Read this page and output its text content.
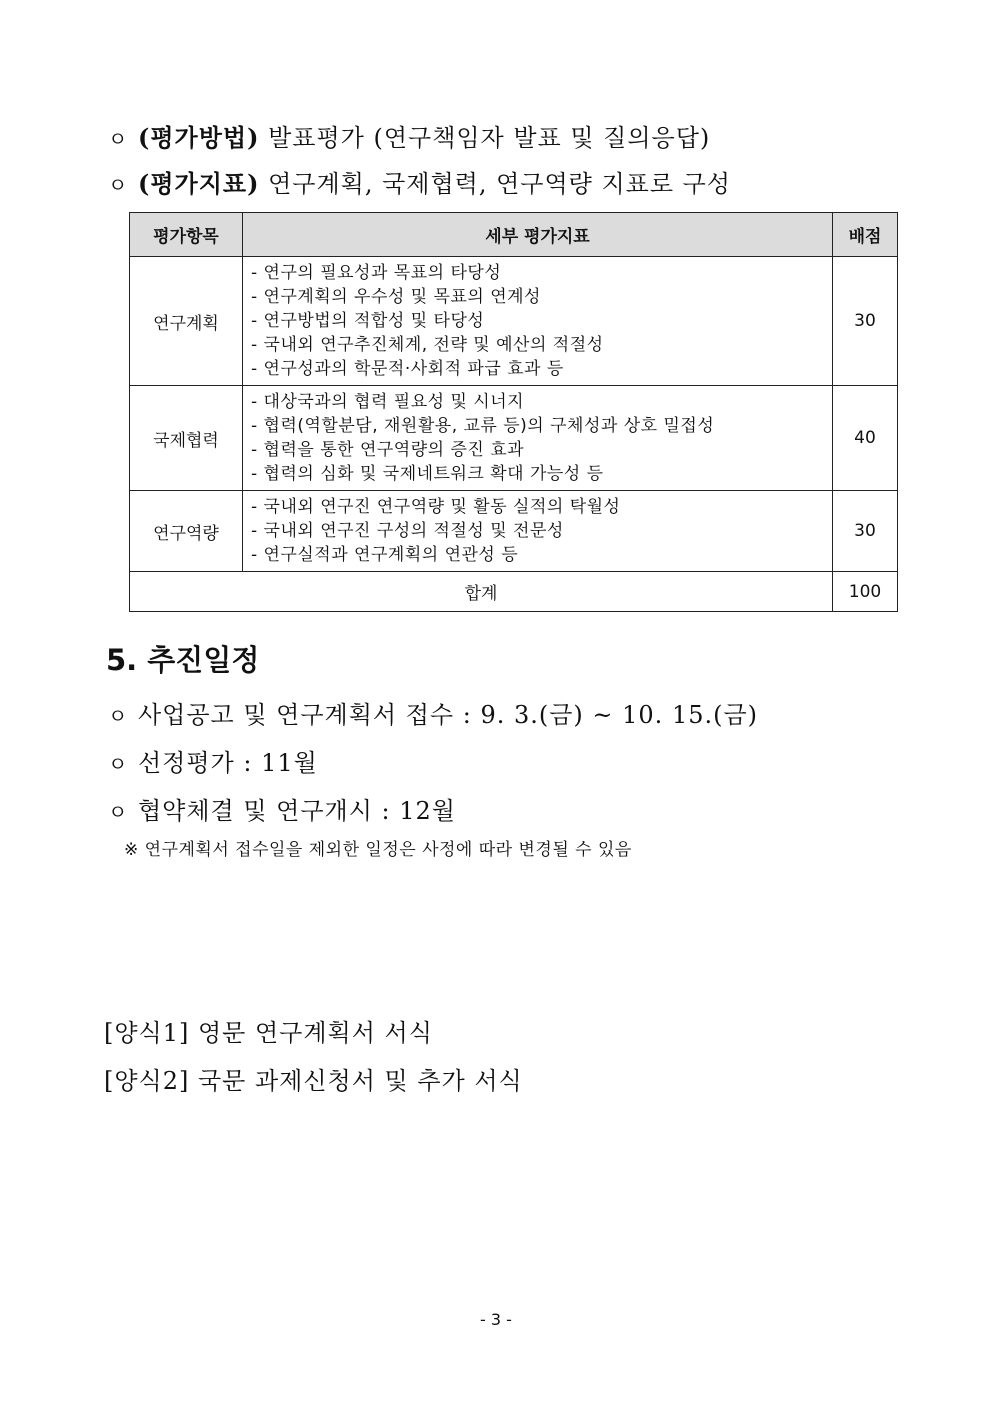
ㅇ (평가방법) 발표평가 (연구책임자 발표 및 질의응답)
ㅇ (평가지표) 연구계획, 국제협력, 연구역량 지표로 구성
평가항목	세부 평가지표	배점
연구계획	- 연구의 필요성과 목표의 타당성
- 연구계획의 우수성 및 목표의 연계성
- 연구방법의 적합성 및 타당성
- 국내외 연구추진체계, 전략 및 예산의 적절성
- 연구성과의 학문적·사회적 파급 효과 등	30
국제협력	- 대상국과의 협력 필요성 및 시너지
- 협력(역할분담, 재원활용, 교류 등)의 구체성과 상호 밀접성
- 협력을 통한 연구역량의 증진 효과
- 협력의 심화 및 국제네트워크 확대 가능성 등	40
연구역량	- 국내외 연구진 연구역량 및 활동 실적의 탁월성
- 국내외 연구진 구성의 적절성 및 전문성
- 연구실적과 연구계획의 연관성 등	30
합계		100
5. 추진일정
ㅇ 사업공고 및 연구계획서 접수 : 9. 3.(금) ~ 10. 15.(금)
ㅇ 선정평가 : 11월
ㅇ 협약체결 및 연구개시 : 12월
※ 연구계획서 접수일을 제외한 일정은 사정에 따라 변경될 수 있음
[양식1] 영문 연구계획서 서식
[양식2] 국문 과제신청서 및 추가 서식
- 3 -
